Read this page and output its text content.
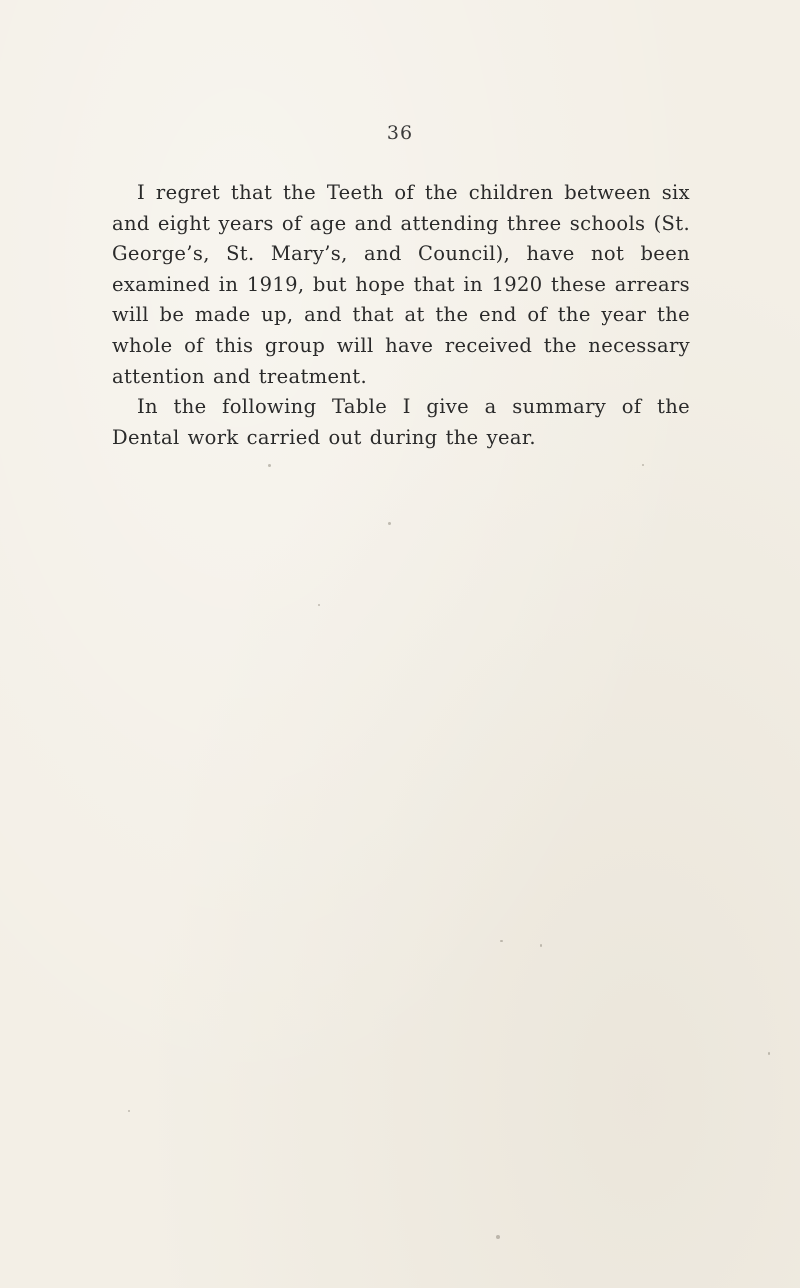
36

I regret that the Teeth of the children between six and eight years of age and attending three schools (St. George’s, St. Mary’s, and Council), have not been examined in 1919, but hope that in 1920 these arrears will be made up, and that at the end of the year the whole of this group will have received the necessary attention and treatment.

In the following Table I give a summary of the Dental work carried out during the year.
